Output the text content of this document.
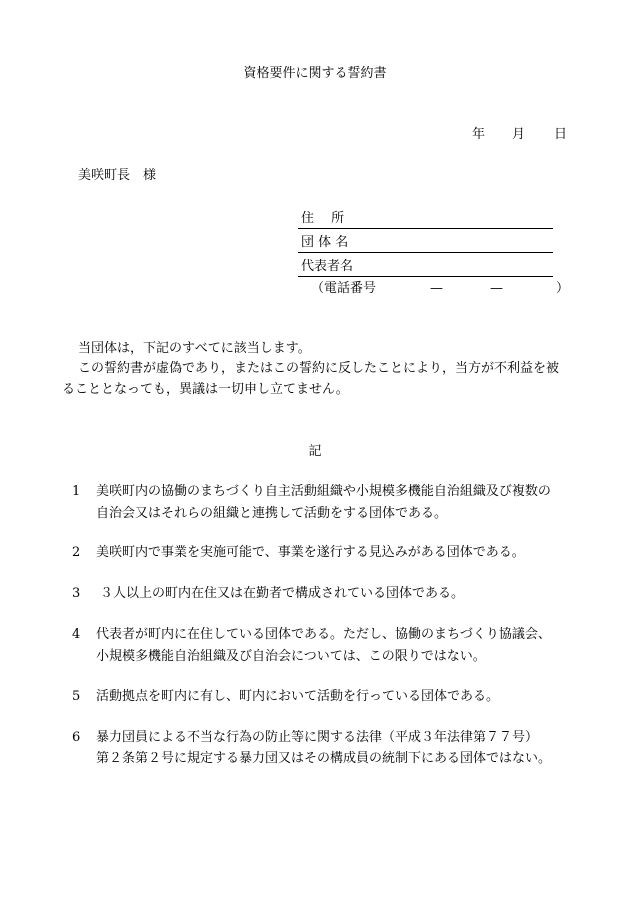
資格要件に関する誓約書
年 月 日
美咲町長　様
住　 所
団 体 名
代表者名
（電話番号	—	—	）
当団体は，下記のすべてに該当します。
この誓約書が虚偽であり，またはこの誓約に反したことにより，当方が不利益を被
ることとなっても，異議は一切申し立てません。
記
1 美咲町内の協働のまちづくり自主活動組織や小規模多機能自治組織及び複数の
自治会又はそれらの組織と連携して活動をする団体である。
2 美咲町内で事業を実施可能で、事業を遂行する見込みがある団体である。
3 ３人以上の町内在住又は在勤者で構成されている団体である。
4 代表者が町内に在住している団体である。ただし、協働のまちづくり協議会、
小規模多機能自治組織及び自治会については、この限りではない。
5 活動拠点を町内に有し、町内において活動を行っている団体である。
6 暴力団員による不当な行為の防止等に関する法律（平成３年法律第７７号）
第２条第２号に規定する暴力団又はその構成員の統制下にある団体ではない。
